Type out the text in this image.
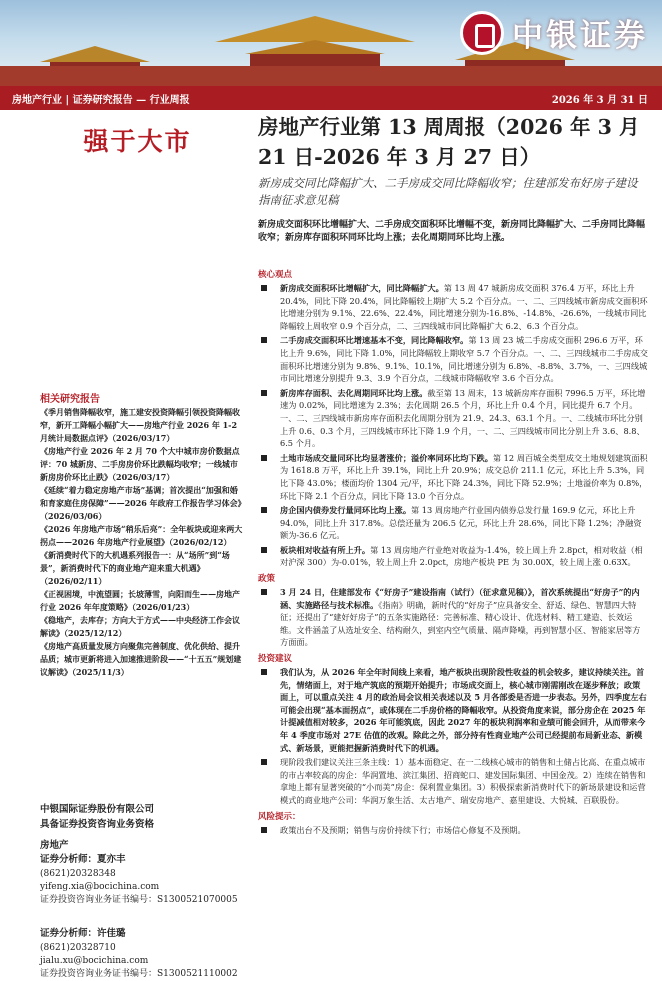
中银证券
房地产行业 | 证券研究报告 — 行业周报	2026 年 3 月 31 日
强于大市
相关研究报告

《季月销售降幅收窄，施工建安投资降幅引领投资降幅收窄，新开工降幅小幅扩大——房地产行业 2026 年 1-2 月统计局数据点评》（2026/03/17）

《房地产行业 2026 年 2 月 70 个大中城市房价数据点评：70 城新房、二手房房价环比跌幅均收窄；一线城市新房房价环比止跌》（2026/03/17）

《延续“着力稳定房地产市场”基调；首次提出“加强和婚和育家庭住房保障”——2026 年政府工作报告学习体会》（2026/03/06）

《2026 年房地产市场“稍乐后亮”：全年板块或迎来两大拐点——2026 年房地产行业展望》（2026/02/12）

《新消费时代下的大机遇系列报告一：从“场所”到“场景”，新消费时代下的商业地产迎来重大机遇》（2026/02/11）

《正视困境，中流望圆；长坡薄雪，向阳而生——房地产行业 2026 年年度策略》（2026/01/23）

《稳地产，去库存；方向大于方式——中央经济工作会议解读》（2025/12/12）

《房地产高质量发展方向聚焦完善制度、优化供给、提升品质；城市更新将进入加速推进阶段——“十五五”规划建议解读》（2025/11/3）

中银国际证券股份有限公司
具备证券投资咨询业务资格
房地产
证券分析师：夏亦丰
(8621)20328348
yifeng.xia@bocichina.com
证券投资咨询业务证书编号：S1300521070005
证券分析师：许佳璐
(8621)20328710
jialu.xu@bocichina.com
证券投资咨询业务证书编号：S1300521110002
房地产行业第 13 周周报（2026 年 3 月 21 日-2026 年 3 月 27 日）
新房成交同比降幅扩大、二手房成交同比降幅收窄；住建部发布好房子建设指南征求意见稿
新房成交面积环比增幅扩大、二手房成交面积环比增幅不变，新房同比降幅扩大、二手房同比降幅收窄；新房库存面积环同环比均上涨；去化周期同环比均上涨。
核心观点
新房成交面积环比增幅扩大，同比降幅扩大。第 13 周 47 城新房成交面积 376.4 万平，环比上升 20.4%，同比下降 20.4%，同比降幅较上期扩大 5.2 个百分点。一、二、三四线城市新房成交面积环比增速分别为 9.1%、22.6%、22.4%，同比增速分别为-16.8%、-14.8%、-26.6%，一线城市同比降幅较上周收窄 0.9 个百分点，二、三四线城市同比降幅扩大 6.2、6.3 个百分点。
二手房成交面积环比增速基本不变，同比降幅收窄。第 13 周 23 城二手房成交面积 296.6 万平，环比上升 9.6%，同比下降 1.0%，同比降幅较上期收窄 5.7 个百分点。一、二、三四线城市二手房成交面积环比增速分别为 9.8%、9.1%、10.1%，同比增速分别为 6.8%、-8.8%、3.7%，一、三四线城市同比增速分别提升 9.3、3.9 个百分点，二线城市降幅收窄 3.6 个百分点。
新房库存面积、去化周期同环比均上涨。截至第 13 周末，13 城新房库存面积 7996.5 万平，环比增速为 0.02%，同比增速为 2.3%；去化周期 26.5 个月，环比上升 0.4 个月，同比提升 6.7 个月。一、二、三四线城市新房库存面积去化周期分别为 21.9、24.3、63.1 个月。一、二线城市环比分别上升 0.6、0.3 个月，三四线城市环比下降 1.9 个月，一、二、三四线城市同比分别上升 3.6、8.8、6.5 个月。
土地市场成交量同环比均显著涨价；溢价率同环比均下跌。第 12 周百城全类型成交土地规划建筑面积为 1618.8 万平，环比上升 39.1%，同比上升 20.9%；成交总价 211.1 亿元，环比上升 5.3%，同比下降 43.0%；楼面均价 1304 元/平，环比下降 24.3%，同比下降 52.9%；土地溢价率为 0.8%，环比下降 2.1 个百分点，同比下降 13.0 个百分点。
房企国内债券发行量同环比均上涨。第 13 周房地产行业国内债券总发行量 169.9 亿元，环比上升 94.0%，同比上升 317.8%。总偿还量为 206.5 亿元，环比上升 28.6%，同比下降 1.2%；净融资额为-36.6 亿元。
板块相对收益有所上升。第 13 周房地产行业绝对收益为-1.4%，较上周上升 2.8pct，相对收益（相对沪深 300）为-0.01%，较上周上升 2.0pct，房地产板块 PE 为 30.00X，较上周上涨 0.63X。
政策
3 月 24 日，住建部发布《“好房子”建设指南（试行）（征求意见稿）》，首次系统提出“好房子”的内涵、实施路径与技术标准。《指南》明确，新时代的“好房子”应具备安全、舒适、绿色、智慧四大特征；还提出了“建好好房子”的五条实施路径：完善标准、精心设计、优选材料、精工建造、长效运维。文件涵盖了从选址安全、结构耐久，到室内空气质量、隔声降噪，再到智慧小区、智能家居等方方面面。
投资建议
我们认为，从 2026 年全年时间线上来看，地产板块出现阶段性收益的机会较多，建议持续关注。首先，情绪面上，对于地产筑底的预期开始提升；市场成交面上，核心城市刚需刚改在逐步释放；政策面上，可以重点关注 4 月的政治局会议相关表述以及 5 月各部委是否进一步表态。另外，四季度左右可能会出现“基本面拐点”，或体现在二手房价格的降幅收窄。从投资角度来说，部分房企在 2025 年计提减值相对较多，2026 年可能筑底，因此 2027 年的板块利润率和业绩可能会回升，从而带来今年 4 季度市场对 27E 估值的改观。除此之外，部分持有性商业地产公司已经提前布局新业态、新模式、新场景，更能把握新消费时代下的机遇。
现阶段我们建议关注三条主线：1）基本面稳定、在一二线核心城市的销售和土储占比高、在重点城市的市占率较高的房企：华润置地、滨江集团、招商蛇口、建发国际集团、中国金茂。2）连续在销售和拿地上都有显著突破的“小而美”房企：保利置业集团。3）积极探索新消费时代下的新场景建设和运营模式的商业地产公司：华润万象生活、太古地产、瑞安房地产、嘉里建设、大悦城、百联股份。
风险提示：
政策出台不及预期；销售与房价持续下行；市场信心修复不及预期。
